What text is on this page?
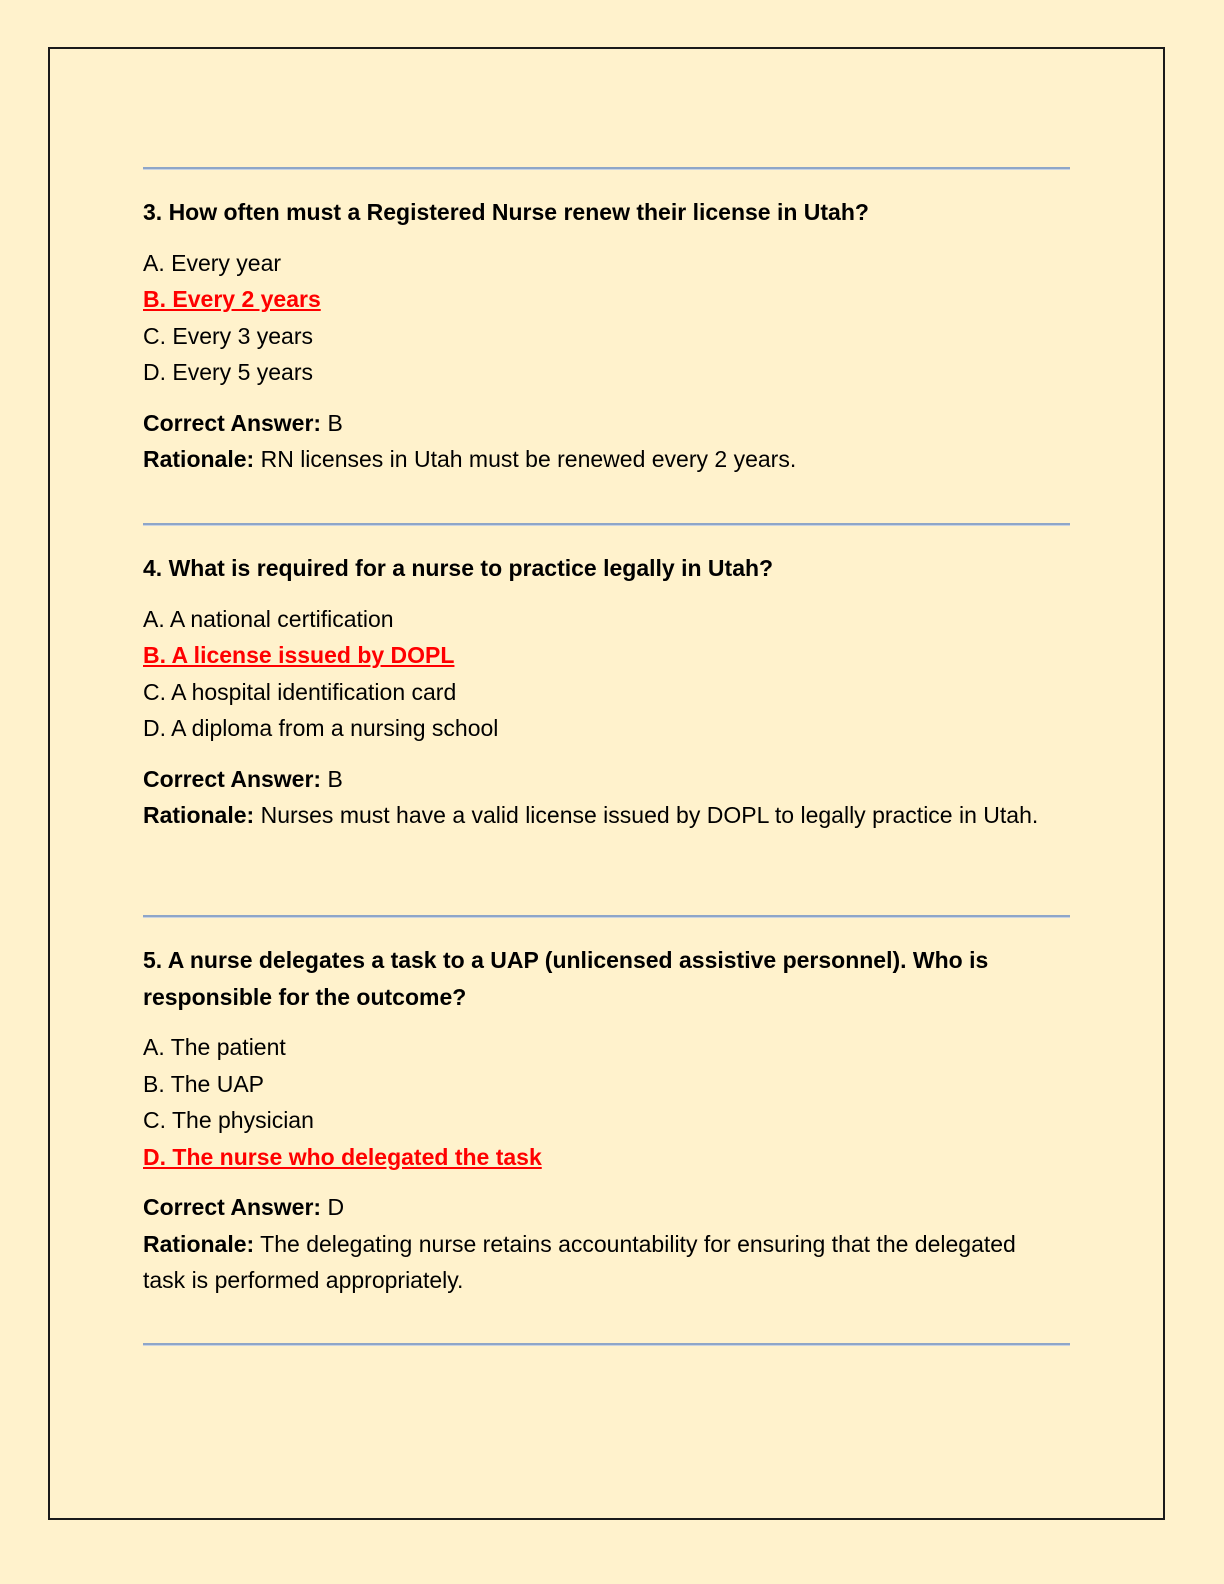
3. How often must a Registered Nurse renew their license in Utah?

A. Every year
B. Every 2 years
C. Every 3 years
D. Every 5 years

Correct Answer: B

Rationale: RN licenses in Utah must be renewed every 2 years.

4. What is required for a nurse to practice legally in Utah?

A. A national certification
B. A license issued by DOPL
C. A hospital identification card
D. A diploma from a nursing school

Correct Answer: B

Rationale: Nurses must have a valid license issued by DOPL to legally practice in Utah.

5. A nurse delegates a task to a UAP (unlicensed assistive personnel). Who is responsible for the outcome?

A. The patient
B. The UAP
C. The physician
D. The nurse who delegated the task

Correct Answer: D

Rationale: The delegating nurse retains accountability for ensuring that the delegated task is performed appropriately.
